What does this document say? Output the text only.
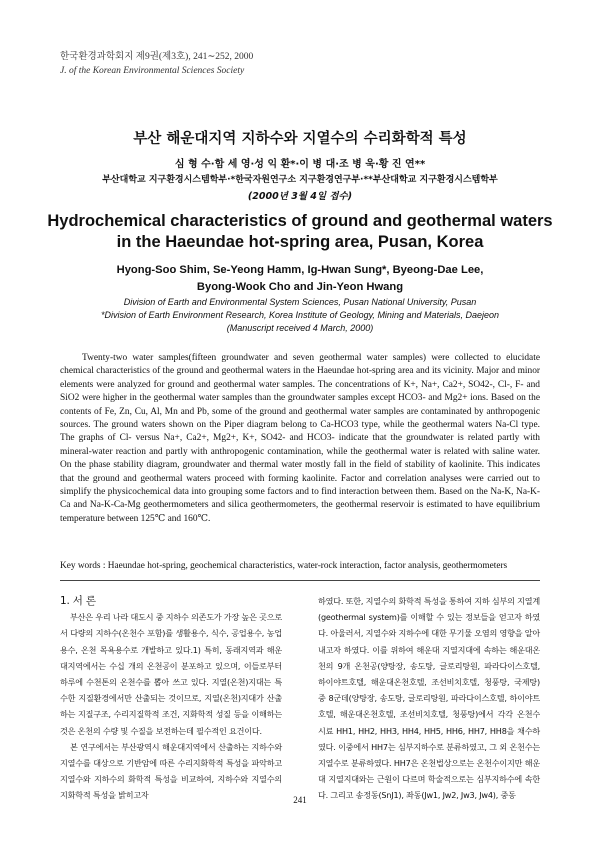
한국환경과학회지 제9권(제3호), 241∼252, 2000
J. of the Korean Environmental Sciences Society
부산 해운대지역 지하수와 지열수의 수리화학적 특성
심 형 수·함 세 영·성 익 환*·이 병 대·조 병 욱·황 진 연**
부산대학교 지구환경시스템학부·*한국자원연구소 지구환경연구부·**부산대학교 지구환경시스템학부
(2000년 3월 4일 접수)
Hydrochemical characteristics of ground and geothermal waters
in the Haeundae hot-spring area, Pusan, Korea
Hyong-Soo Shim, Se-Yeong Hamm, Ig-Hwan Sung*, Byeong-Dae Lee,
Byong-Wook Cho and Jin-Yeon Hwang
Division of Earth and Environmental System Sciences, Pusan National University, Pusan
*Division of Earth Environment Research, Korea Institute of Geology, Mining and Materials, Daejeon
(Manuscript received 4 March, 2000)

Twenty-two water samples(fifteen groundwater and seven geothermal water samples) were collected to elucidate chemical characteristics of the ground and geothermal waters in the Haeundae hot-spring area and its vicinity. Major and minor elements were analyzed for ground and geothermal water samples. The concentrations of K+, Na+, Ca2+, SO42-, Cl-, F- and SiO2 were higher in the geothermal water samples than the groundwater samples except HCO3- and Mg2+ ions. Based on the contents of Fe, Zn, Cu, Al, Mn and Pb, some of the ground and geothermal water samples are contaminated by anthropogenic sources. The ground waters shown on the Piper diagram belong to Ca-HCO3 type, while the geothermal waters Na-Cl type. The graphs of Cl- versus Na+, Ca2+, Mg2+, K+, SO42- and HCO3- indicate that the groundwater is related partly with mineral-water reaction and partly with anthropogenic contamination, while the geothermal water is related with saline water. On the phase stability diagram, groundwater and thermal water mostly fall in the field of stability of kaolinite. This indicates that the ground and geothermal waters proceed with forming kaolinite. Factor and correlation analyses were carried out to simplify the physicochemical data into grouping some factors and to find interaction between them. Based on the Na-K, Na-K-Ca and Na-K-Ca-Mg geothermometers and silica geothermometers, the geothermal reservoir is estimated to have equilibrium temperature between 125℃ and 160℃.

Key words : Haeundae hot-spring, geochemical characteristics, water-rock interaction, factor analysis, geothermometers
1. 서 론

부산은 우리 나라 대도시 중 지하수 의존도가 가장 높은 곳으로서 다량의 지하수(온천수 포함)를 생활용수, 식수, 공업용수, 농업용수, 온천 목욕용수로 개발하고 있다.1) 특히, 동래지역과 해운대지역에서는 수십 개의 온천공이 분포하고 있으며, 이들로부터 하루에 수천톤의 온천수를 뽑아 쓰고 있다. 지열(온천)지대는 특수한 지질환경에서만 산출되는 것이므로, 지열(온천)지대가 산출하는 지질구조, 수리지질학적 조건, 지화학적 성질 등을 이해하는 것은 온천의 수량 및 수질을 보전하는데 필수적인 요건이다.

본 연구에서는 부산광역시 해운대지역에서 산출하는 지하수와 지열수를 대상으로 기반암에 따른 수리지화학적 특성을 파악하고 지열수와 지하수의 화학적 특성을 비교하여, 지하수와 지열수의 지화학적 특성을 밝히고자

하였다. 또한, 지열수의 화학적 특성을 통하여 지하 심부의 지열계(geothermal system)를 이해할 수 있는 정보들을 얻고자 하였다. 아울러서, 지열수와 지하수에 대한 무기물 오염의 영향을 알아내고자 하였다. 이를 위하여 해운대 지열지대에 속하는 해운대온천의 9개 온천공(양탕장, 송도탕, 글로리탕원, 파라다이스호텔, 하이야트호텔, 해운대온천호텔, 조선비치호텔, 청풍탕, 국제탕) 중 8군데(양탕장, 송도탕, 글로리탕원, 파라다이스호텔, 하이야트호텔, 해운대온천호텔, 조선비치호텔, 청풍탕)에서 각각 온천수 시료 HH1, HH2, HH3, HH4, HH5, HH6, HH7, HH8을 채수하였다. 이중에서 HH7는 심부지하수로 분류하였고, 그 외 온천수는 지열수로 분류하였다. HH7은 온천법상으로는 온천수이지만 해운대 지열지대와는 근원이 다르며 학술적으로는 심부지하수에 속한다. 그리고 송정동(SnJ1), 좌동(Jw1, Jw2, Jw3, Jw4), 중동

241
